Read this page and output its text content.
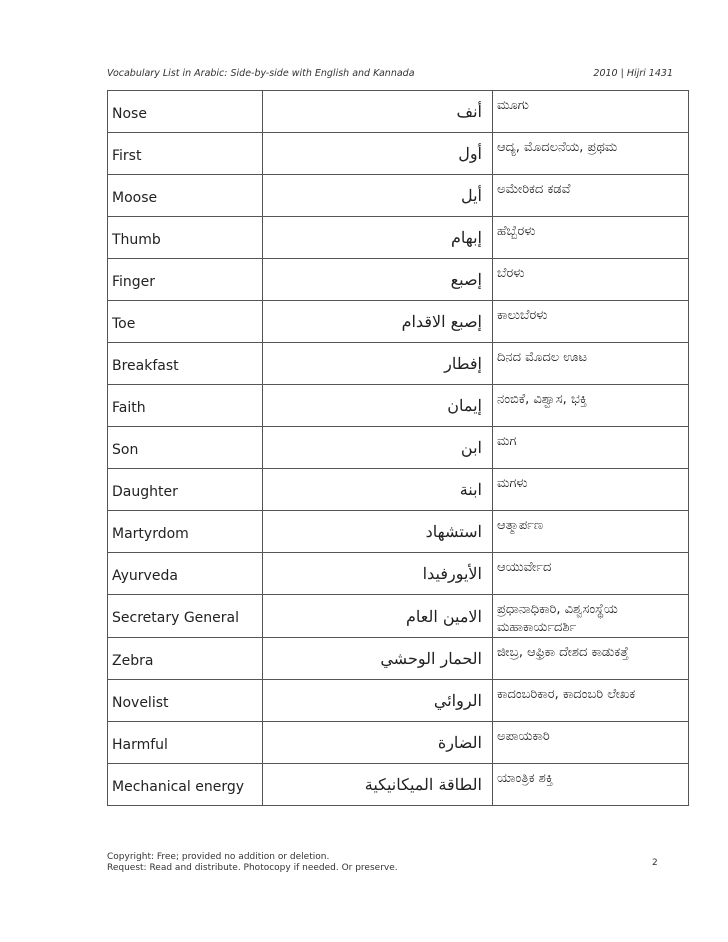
Vocabulary List in Arabic: Side-by-side with English and Kannada	2010 | Hijri 1431
Nose	أنف	ಮೂಗು
First	أول	ಆದ್ಯ, ಮೊದಲನೆಯ, ಪ್ರಥಮ
Moose	أيل	ಅಮೇರಿಕದ ಕಡವೆ
Thumb	إبهام	ಹೆಬ್ಬೆರಳು
Finger	إصبع	ಬೆರಳು
Toe	إصبع الاقدام	ಕಾಲುಬೆರಳು
Breakfast	إفطار	ದಿನದ ಮೊದಲ ಊಟ
Faith	إيمان	ನಂಬಿಕೆ, ವಿಶ್ವಾಸ, ಭಕ್ತಿ
Son	ابن	ಮಗ
Daughter	ابنة	ಮಗಳು
Martyrdom	استشهاد	ಆತ್ಮಾರ್ಪಣ
Ayurveda	الأيورفيدا	ಆಯುರ್ವೇದ
Secretary General	الامين العام	ಪ್ರಧಾನಾಧಿಕಾರಿ, ವಿಶ್ವಸಂಸ್ಥೆಯ ಮಹಾಕಾರ್ಯದರ್ಶಿ
Zebra	الحمار الوحشي	ಜೀಬ್ರ, ಆಫ್ರಿಕಾ ದೇಶದ ಕಾಡುಕತ್ತೆ
Novelist	الروائي	ಕಾದಂಬರಿಕಾರ, ಕಾದಂಬರಿ ಲೇಖಕ
Harmful	الضارة	ಅಪಾಯಕಾರಿ
Mechanical energy	الطاقة الميكانيكية	ಯಾಂತ್ರಿಕ ಶಕ್ತಿ
Copyright: Free; provided no addition or deletion.
Request: Read and distribute. Photocopy if needed. Or preserve.	2
